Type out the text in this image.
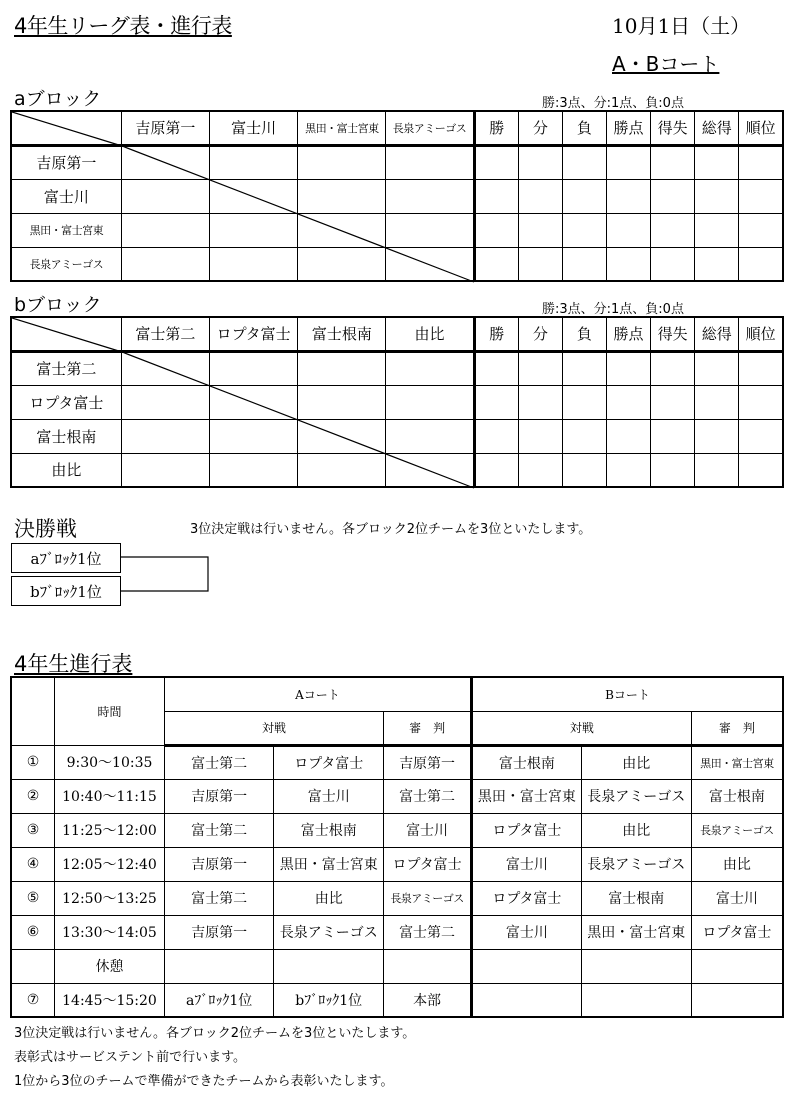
4年生リーグ表・進行表	10月1日（土）
A・Bコート
aブロック	勝:3点、分:1点、負:0点
	吉原第一	富士川	黒田・富士宮東	長泉アミーゴス	勝	分	負	勝点	得失	総得	順位
吉原第一											
富士川											
黒田・富士宮東											
長泉アミーゴス											
bブロック	勝:3点、分:1点、負:0点
	富士第二	ロプタ富士	富士根南	由比	勝	分	負	勝点	得失	総得	順位
富士第二											
ロプタ富士											
富士根南											
由比											
決勝戦	3位決定戦は行いません。各ブロック2位チームを3位といたします。
aﾌﾞﾛｯｸ1位
bﾌﾞﾛｯｸ1位
4年生進行表
	時間	Aコート			Bコート		
		対戦		審　判	対戦		審　判
①	9:30～10:35	富士第二	ロプタ富士	吉原第一	富士根南	由比	黒田・富士宮東
②	10:40～11:15	吉原第一	富士川	富士第二	黒田・富士宮東	長泉アミーゴス	富士根南
③	11:25～12:00	富士第二	富士根南	富士川	ロプタ富士	由比	長泉アミーゴス
④	12:05～12:40	吉原第一	黒田・富士宮東	ロプタ富士	富士川	長泉アミーゴス	由比
⑤	12:50～13:25	富士第二	由比	長泉アミーゴス	ロプタ富士	富士根南	富士川
⑥	13:30～14:05	吉原第一	長泉アミーゴス	富士第二	富士川	黒田・富士宮東	ロプタ富士
	休憩						
⑦	14:45～15:20	aﾌﾞﾛｯｸ1位	bﾌﾞﾛｯｸ1位	本部			
3位決定戦は行いません。各ブロック2位チームを3位といたします。
表彰式はサービステント前で行います。
1位から3位のチームで準備ができたチームから表彰いたします。
